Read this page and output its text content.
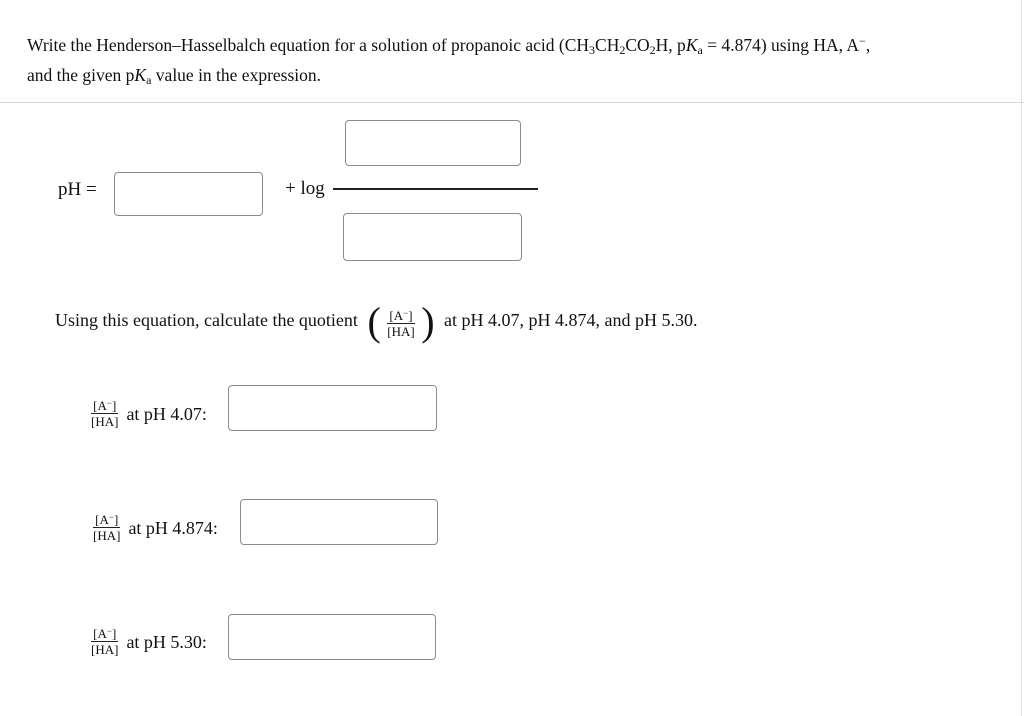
Write the Henderson–Hasselbalch equation for a solution of propanoic acid ($CH_3CH_2CO_2H$, $pK_a = 4.874$) using HA, A−,
and the given $pK_a$ value in the expression.
pH =	+ log
Using this equation, calculate the quotient ( $\frac{[A^-]}{[HA]}$ ) at pH 4.07, pH 4.874, and pH 5.30.
$\frac{[A^-]}{[HA]}$ at pH 4.07:
$\frac{[A^-]}{[HA]}$ at pH 4.874:
$\frac{[A^-]}{[HA]}$ at pH 5.30:
